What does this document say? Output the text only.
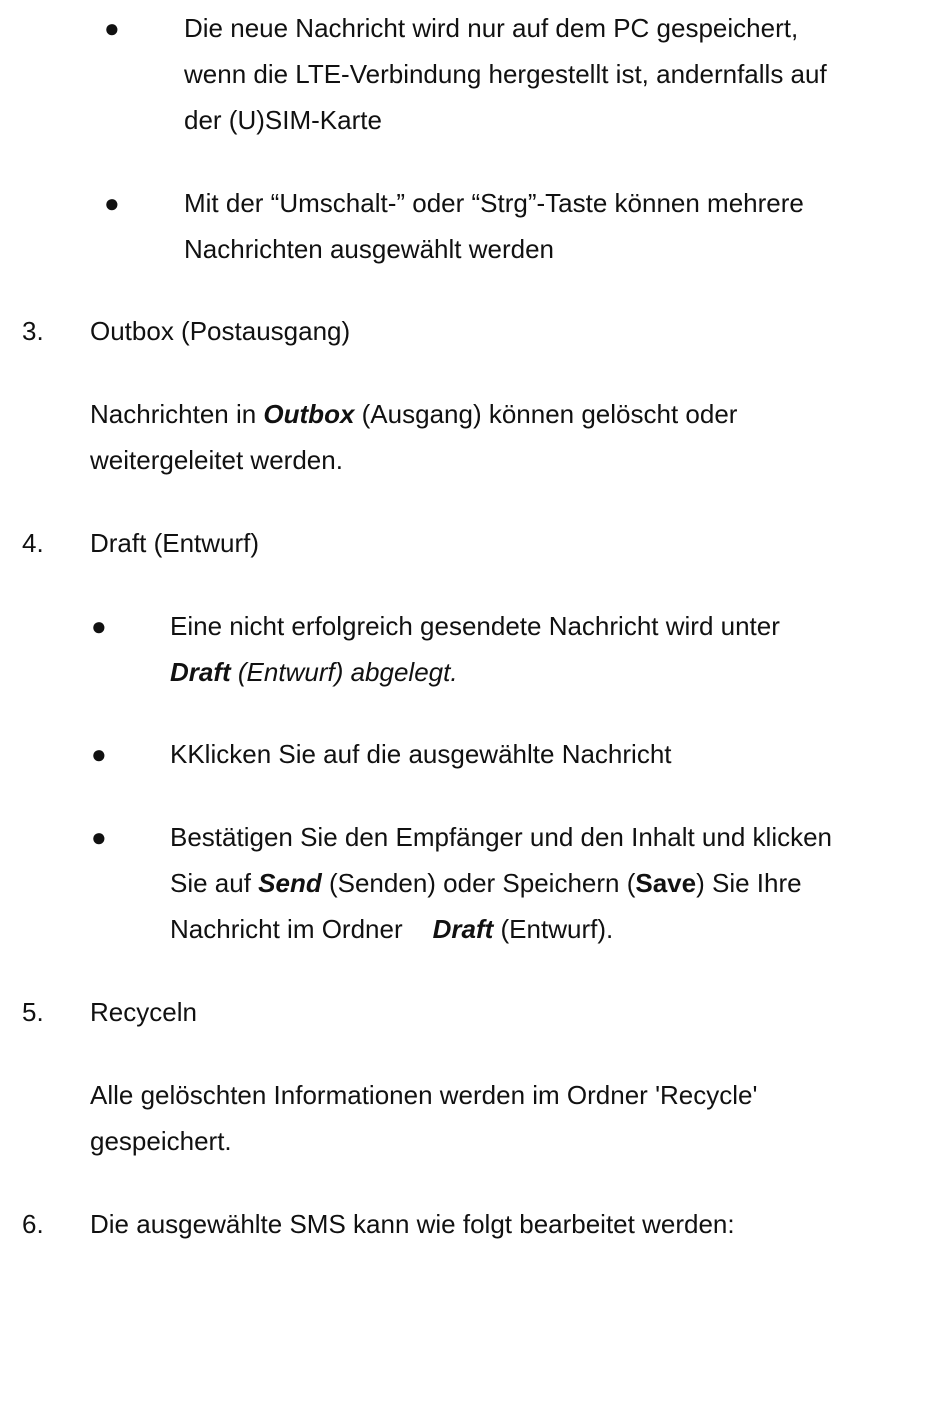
● Die neue Nachricht wird nur auf dem PC gespeichert,
wenn die LTE-Verbindung hergestellt ist, andernfalls auf
der (U)SIM-Karte
● Mit der “Umschalt-” oder “Strg”-Taste können mehrere
Nachrichten ausgewählt werden
3. Outbox (Postausgang)
Nachrichten in Outbox (Ausgang) können gelöscht oder
weitergeleitet werden.
4. Draft (Entwurf)
● Eine nicht erfolgreich gesendete Nachricht wird unter
Draft (Entwurf) abgelegt.
● KKlicken Sie auf die ausgewählte Nachricht
● Bestätigen Sie den Empfänger und den Inhalt und klicken
Sie auf Send (Senden) oder Speichern (Save) Sie Ihre
Nachricht im Ordner Draft (Entwurf).
5. Recyceln
Alle gelöschten Informationen werden im Ordner 'Recycle'
gespeichert.
6. Die ausgewählte SMS kann wie folgt bearbeitet werden:
